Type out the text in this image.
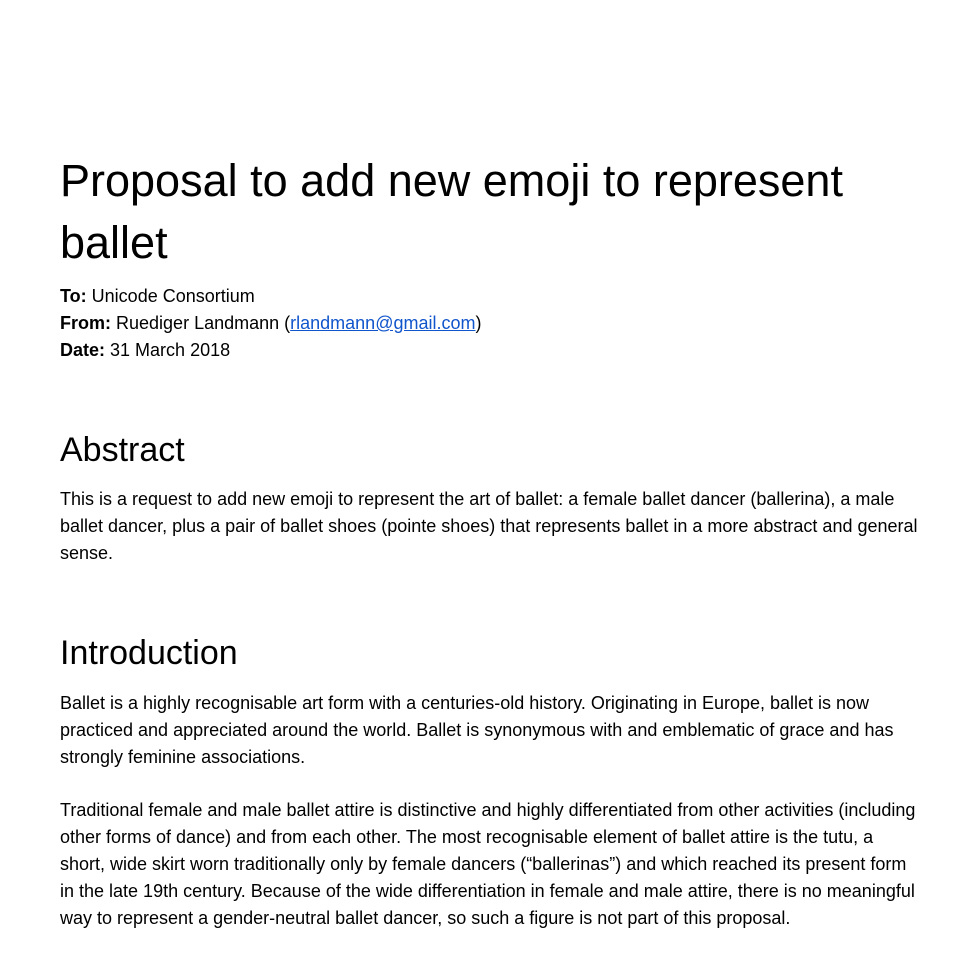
Proposal to add new emoji to represent ballet
To: Unicode Consortium
From: Ruediger Landmann (rlandmann@gmail.com)
Date: 31 March 2018
Abstract

This is a request to add new emoji to represent the art of ballet: a female ballet dancer (ballerina), a male ballet dancer, plus a pair of ballet shoes (pointe shoes) that represents ballet in a more abstract and general sense.

Introduction

Ballet is a highly recognisable art form with a centuries-old history. Originating in Europe, ballet is now practiced and appreciated around the world. Ballet is synonymous with and emblematic of grace and has strongly feminine associations.

Traditional female and male ballet attire is distinctive and highly differentiated from other activities (including other forms of dance) and from each other. The most recognisable element of ballet attire is the tutu, a short, wide skirt worn traditionally only by female dancers (“ballerinas”) and which reached its present form in the late 19th century. Because of the wide differentiation in female and male attire, there is no meaningful way to represent a gender-neutral ballet dancer, so such a figure is not part of this proposal.
